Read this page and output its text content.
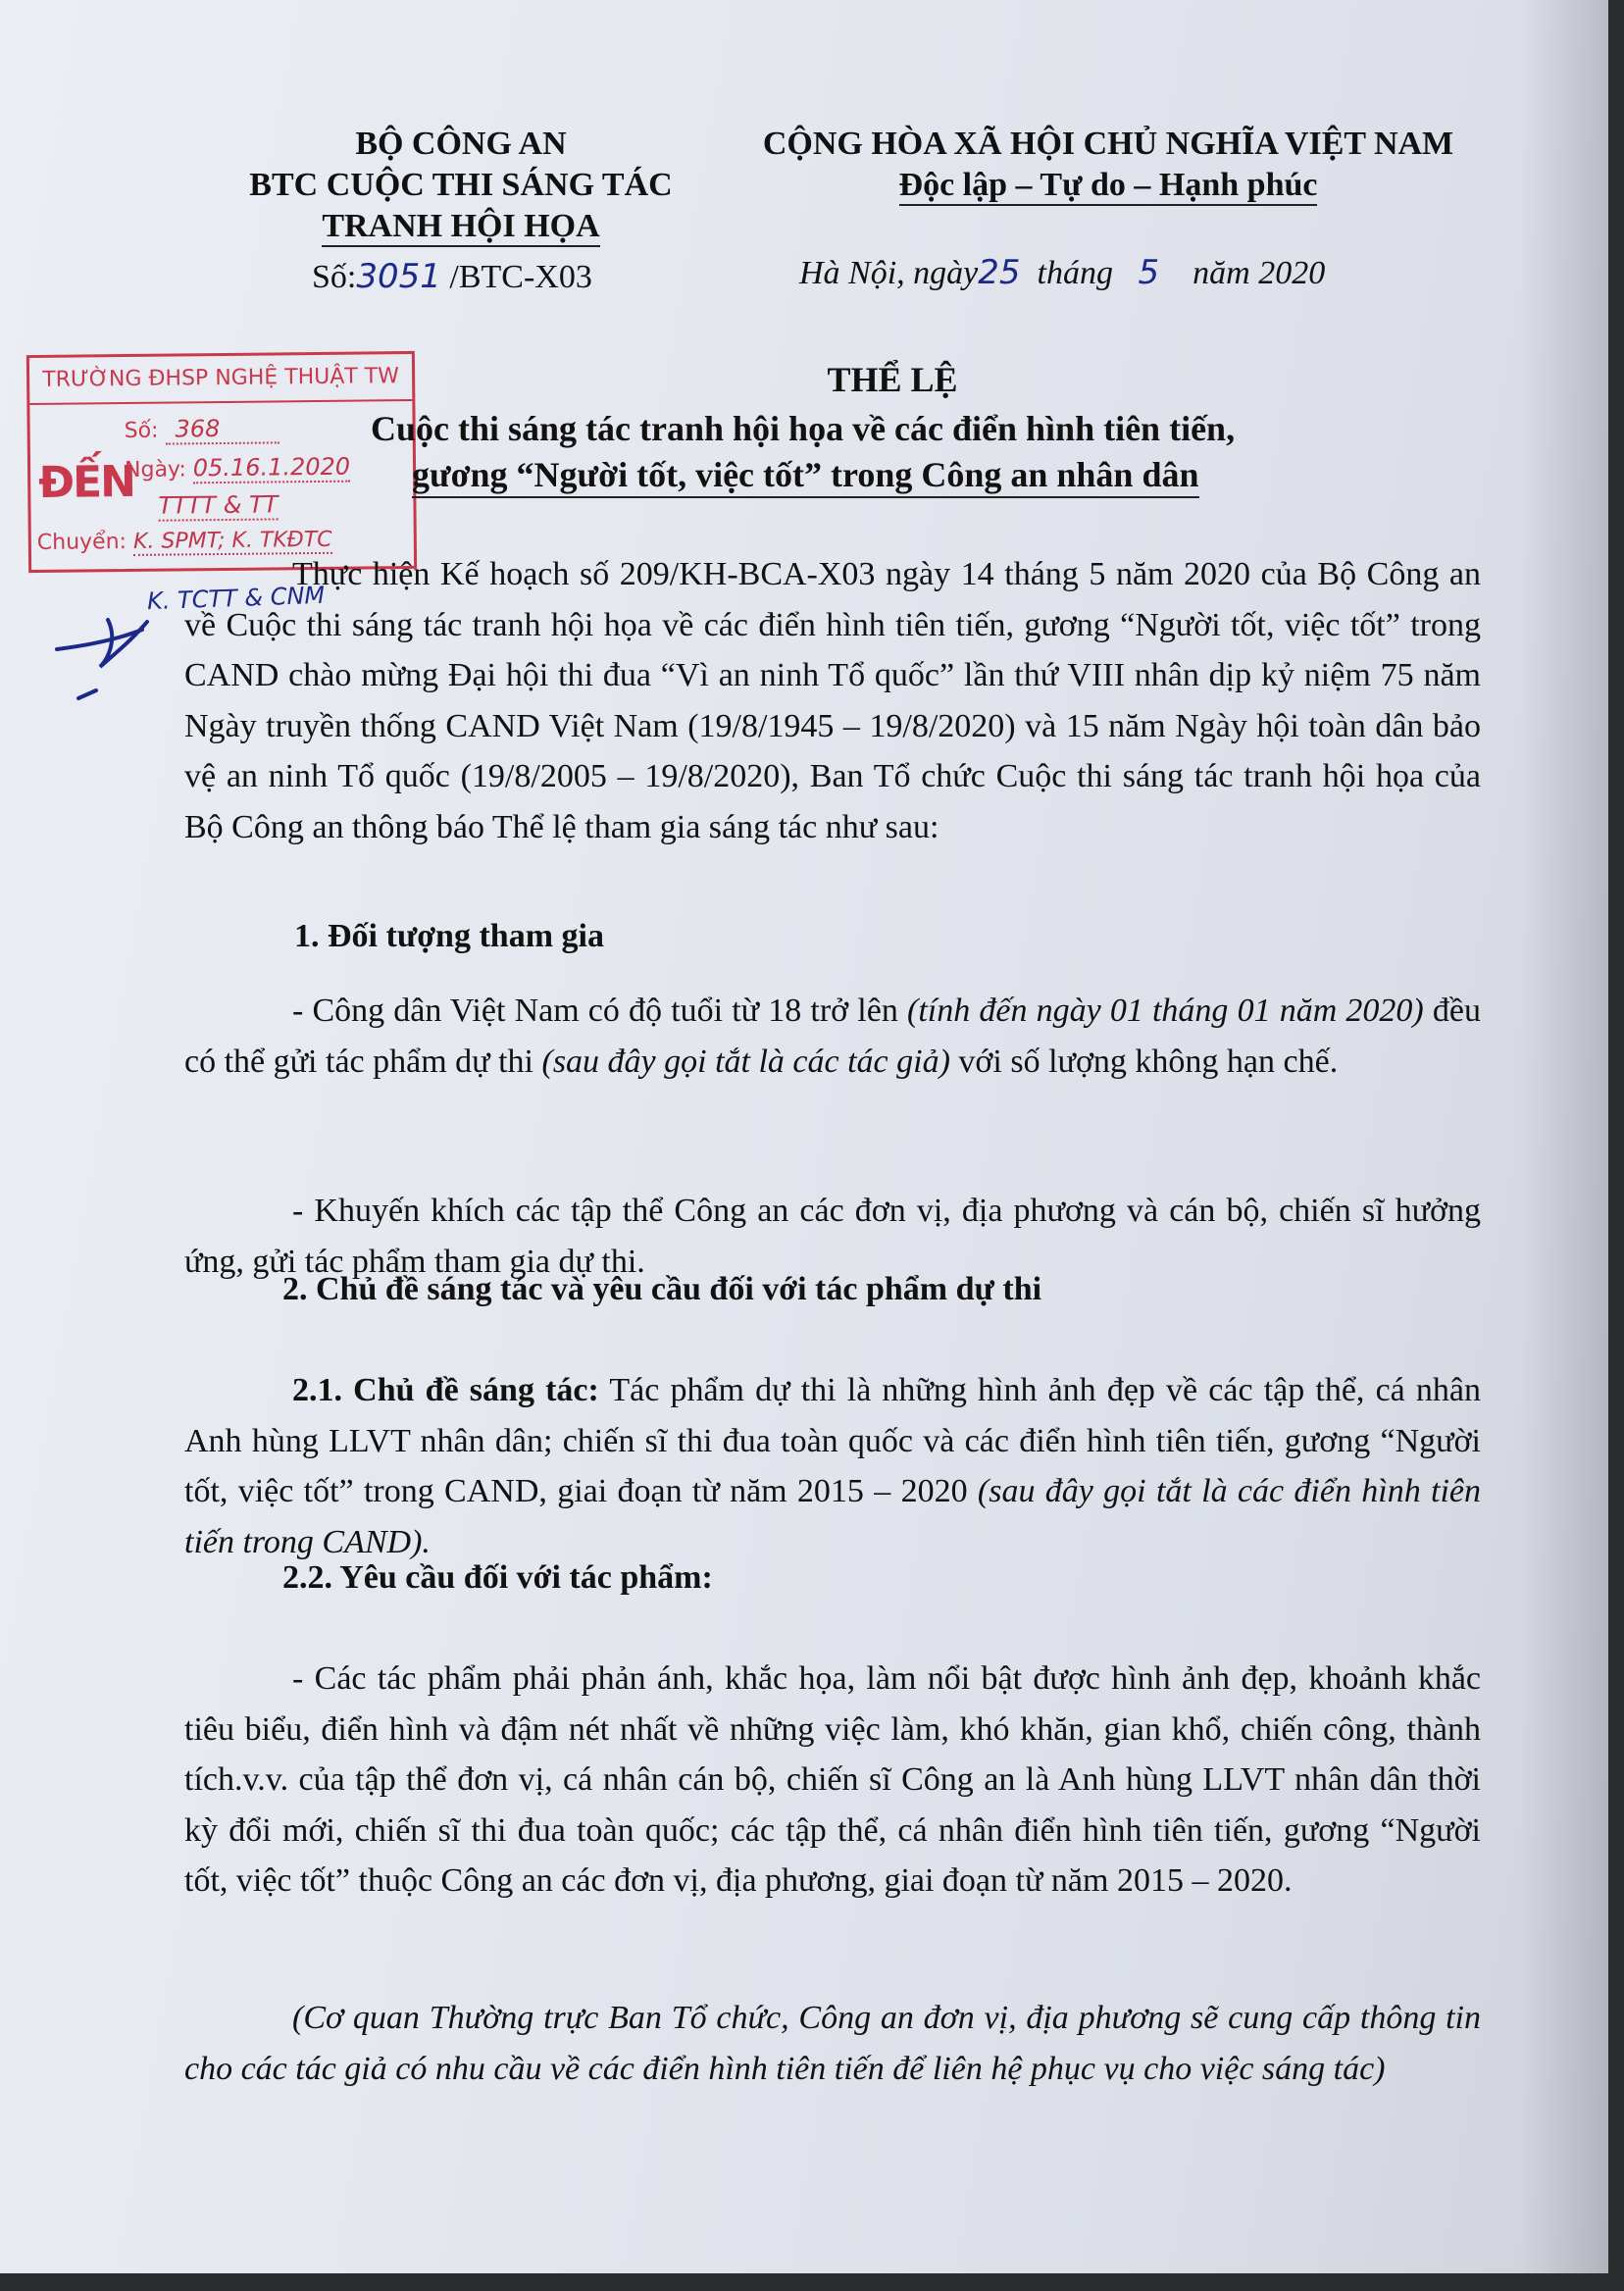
BỘ CÔNG AN
BTC CUỘC THI SÁNG TÁC
TRANH HỘI HỌA
Số:3051 /BTC-X03
CỘNG HÒA XÃ HỘI CHỦ NGHĨA VIỆT NAM
Độc lập – Tự do – Hạnh phúc
Hà Nội, ngày25 tháng 5 năm 2020
TRƯỜNG ĐHSP NGHỆ THUẬT TW
ĐẾN
Số: 368
Ngày: 05.16.1.2020
TTTT & TT
Chuyển: K. SPMT; K. TKĐTC
K. TCTT & CNM
THỂ LỆ
Cuộc thi sáng tác tranh hội họa về các điển hình tiên tiến,
gương “Người tốt, việc tốt” trong Công an nhân dân

Thực hiện Kế hoạch số 209/KH-BCA-X03 ngày 14 tháng 5 năm 2020 của Bộ Công an về Cuộc thi sáng tác tranh hội họa về các điển hình tiên tiến, gương “Người tốt, việc tốt” trong CAND chào mừng Đại hội thi đua “Vì an ninh Tổ quốc” lần thứ VIII nhân dịp kỷ niệm 75 năm Ngày truyền thống CAND Việt Nam (19/8/1945 – 19/8/2020) và 15 năm Ngày hội toàn dân bảo vệ an ninh Tổ quốc (19/8/2005 – 19/8/2020), Ban Tổ chức Cuộc thi sáng tác tranh hội họa của Bộ Công an thông báo Thể lệ tham gia sáng tác như sau:

1. Đối tượng tham gia

- Công dân Việt Nam có độ tuổi từ 18 trở lên (tính đến ngày 01 tháng 01 năm 2020) đều có thể gửi tác phẩm dự thi (sau đây gọi tắt là các tác giả) với số lượng không hạn chế.

- Khuyến khích các tập thể Công an các đơn vị, địa phương và cán bộ, chiến sĩ hưởng ứng, gửi tác phẩm tham gia dự thi.

2. Chủ đề sáng tác và yêu cầu đối với tác phẩm dự thi

2.1. Chủ đề sáng tác: Tác phẩm dự thi là những hình ảnh đẹp về các tập thể, cá nhân Anh hùng LLVT nhân dân; chiến sĩ thi đua toàn quốc và các điển hình tiên tiến, gương “Người tốt, việc tốt” trong CAND, giai đoạn từ năm 2015 – 2020 (sau đây gọi tắt là các điển hình tiên tiến trong CAND).

2.2. Yêu cầu đối với tác phẩm:

- Các tác phẩm phải phản ánh, khắc họa, làm nổi bật được hình ảnh đẹp, khoảnh khắc tiêu biểu, điển hình và đậm nét nhất về những việc làm, khó khăn, gian khổ, chiến công, thành tích.v.v. của tập thể đơn vị, cá nhân cán bộ, chiến sĩ Công an là Anh hùng LLVT nhân dân thời kỳ đổi mới, chiến sĩ thi đua toàn quốc; các tập thể, cá nhân điển hình tiên tiến, gương “Người tốt, việc tốt” thuộc Công an các đơn vị, địa phương, giai đoạn từ năm 2015 – 2020.

(Cơ quan Thường trực Ban Tổ chức, Công an đơn vị, địa phương sẽ cung cấp thông tin cho các tác giả có nhu cầu về các điển hình tiên tiến để liên hệ phục vụ cho việc sáng tác)
